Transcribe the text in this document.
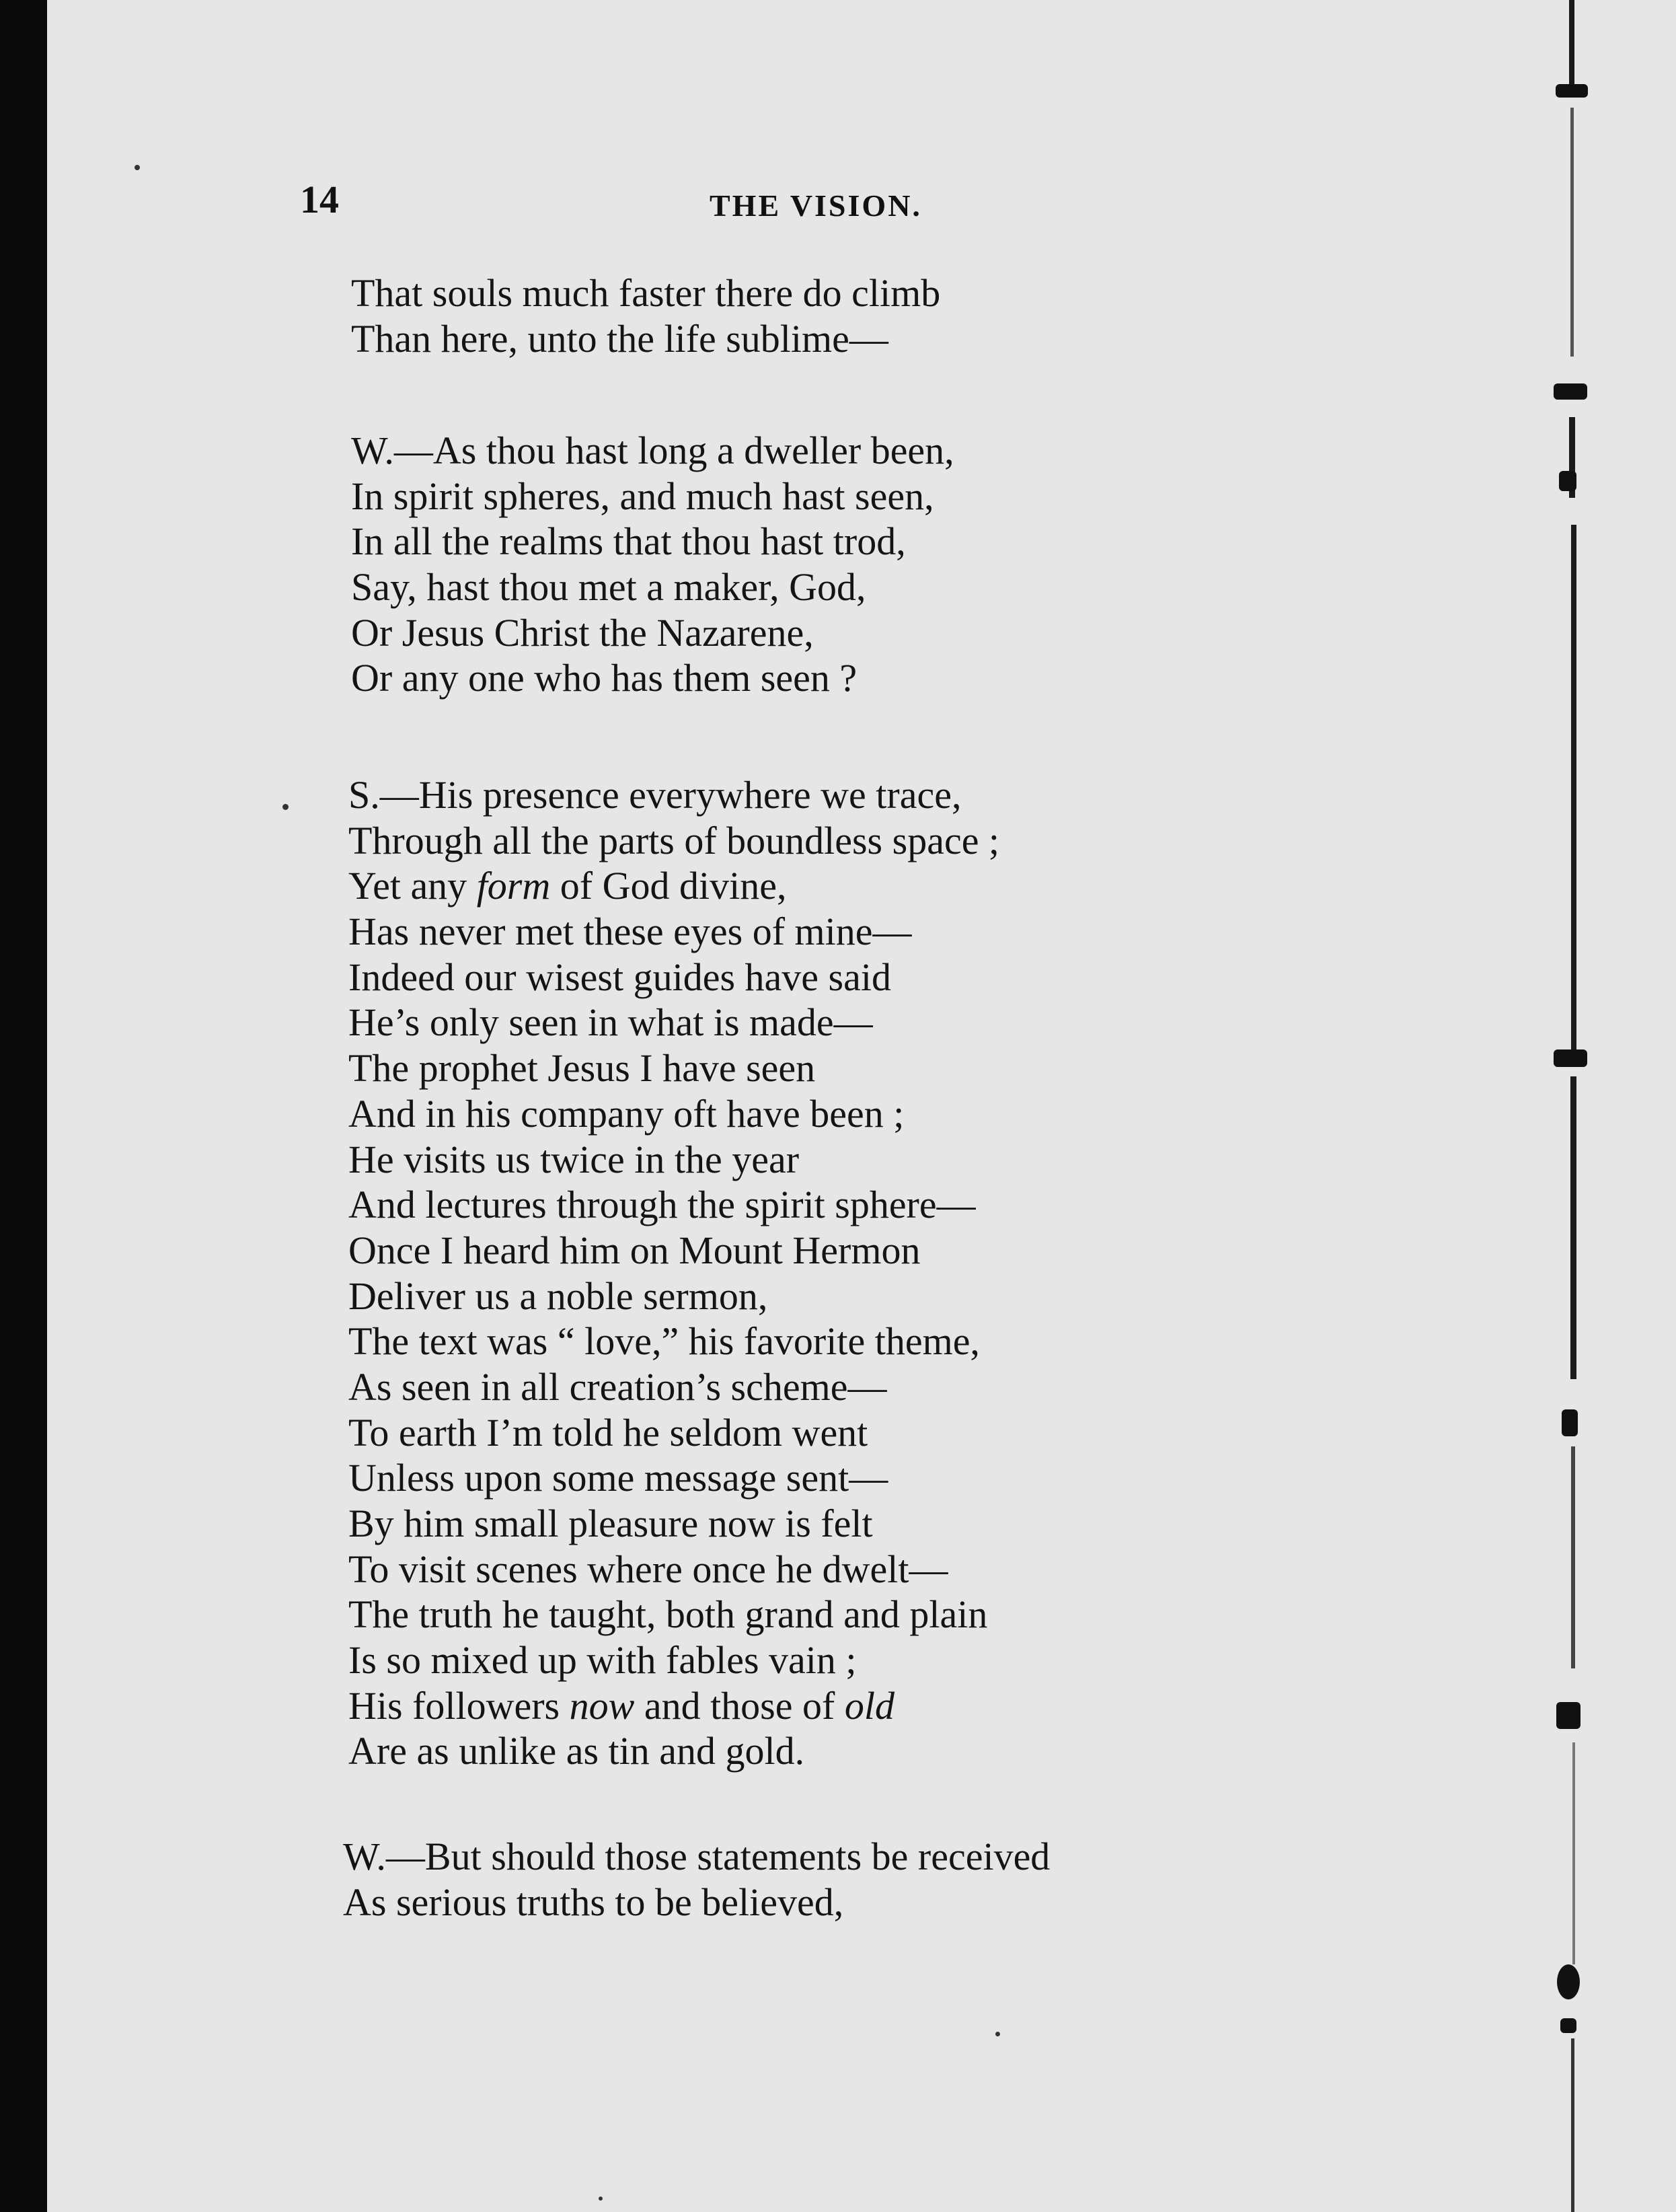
14	THE VISION.
That souls much faster there do climb
Than here, unto the life sublime—
W.—As thou hast long a dweller been,
In spirit spheres, and much hast seen,
In all the realms that thou hast trod,
Say, hast thou met a maker, God,
Or Jesus Christ the Nazarene,
Or any one who has them seen ?
S.—His presence everywhere we trace,
Through all the parts of boundless space ;
Yet any form of God divine,
Has never met these eyes of mine—
Indeed our wisest guides have said
He’s only seen in what is made—
The prophet Jesus I have seen
And in his company oft have been ;
He visits us twice in the year
And lectures through the spirit sphere—
Once I heard him on Mount Hermon
Deliver us a noble sermon,
The text was “ love,” his favorite theme,
As seen in all creation’s scheme—
To earth I’m told he seldom went
Unless upon some message sent—
By him small pleasure now is felt
To visit scenes where once he dwelt—
The truth he taught, both grand and plain
Is so mixed up with fables vain ;
His followers now and those of old
Are as unlike as tin and gold.
W.—But should those statements be received
As serious truths to be believed,
